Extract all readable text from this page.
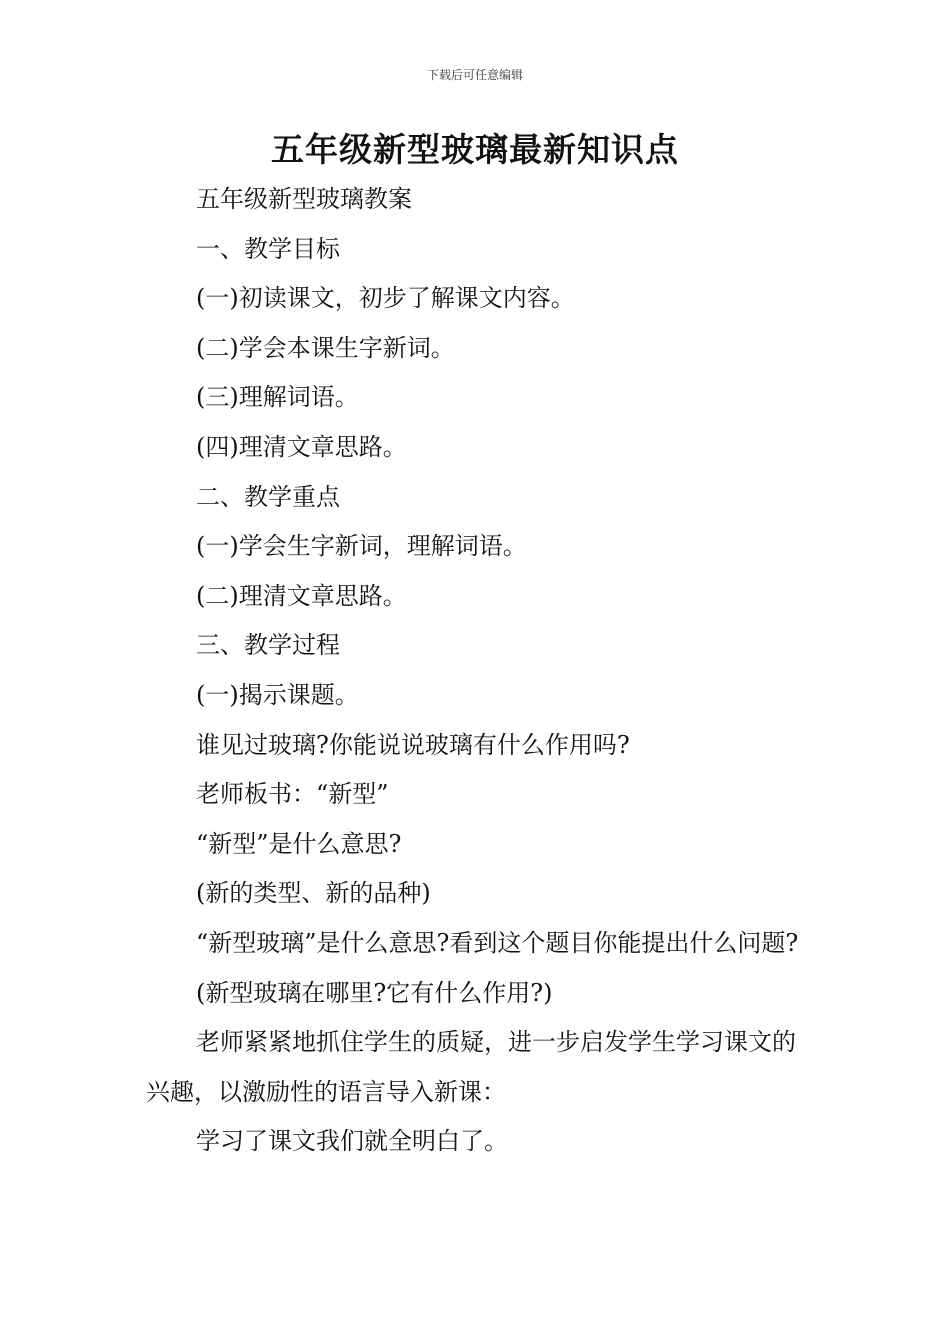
下载后可任意编辑
五年级新型玻璃最新知识点

五年级新型玻璃教案

一、教学目标

(一)初读课文，初步了解课文内容。

(二)学会本课生字新词。

(三)理解词语。

(四)理清文章思路。

二、教学重点

(一)学会生字新词，理解词语。

(二)理清文章思路。

三、教学过程

(一)揭示课题。

谁见过玻璃?你能说说玻璃有什么作用吗?

老师板书：“新型”

“新型”是什么意思?

(新的类型、新的品种)

“新型玻璃”是什么意思?看到这个题目你能提出什么问题?

(新型玻璃在哪里?它有什么作用?)

老师紧紧地抓住学生的质疑，进一步启发学生学习课文的兴趣，以激励性的语言导入新课：

学习了课文我们就全明白了。
